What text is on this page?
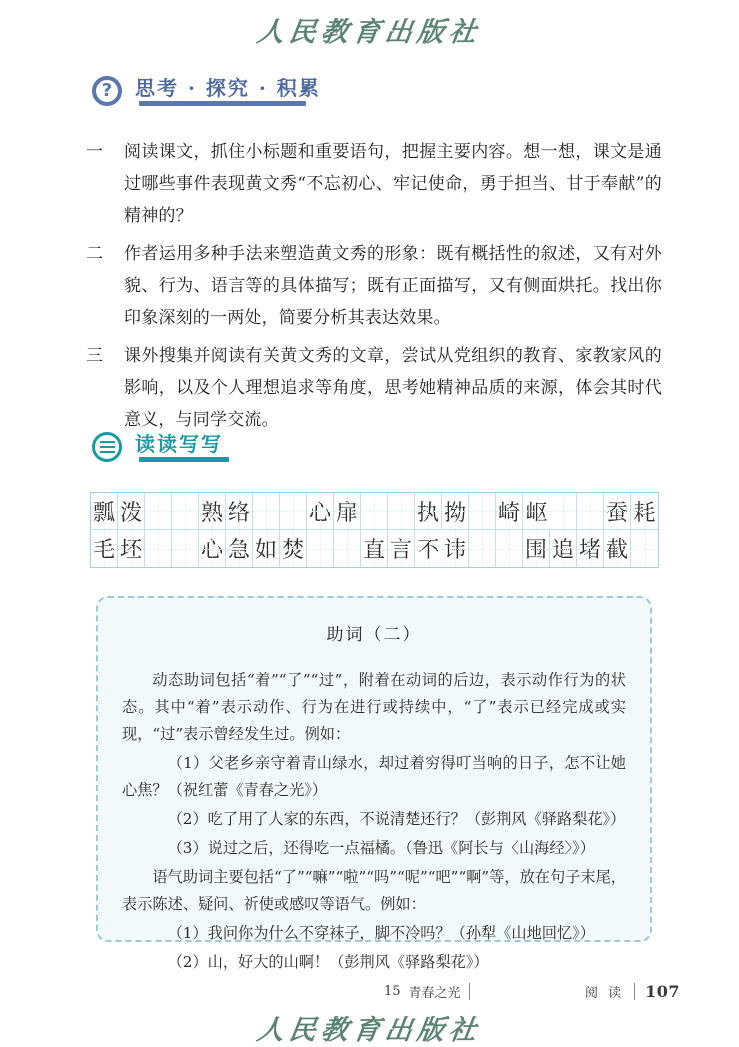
人民教育出版社
?	思考 · 探究 · 积累
一	阅读课文，抓住小标题和重要语句，把握主要内容。想一想，课文是通过哪些事件表现黄文秀“不忘初心、牢记使命，勇于担当、甘于奉献”的精神的？
二	作者运用多种手法来塑造黄文秀的形象：既有概括性的叙述，又有对外貌、行为、语言等的具体描写；既有正面描写，又有侧面烘托。找出你印象深刻的一两处，简要分析其表达效果。
三	课外搜集并阅读有关黄文秀的文章，尝试从党组织的教育、家教家风的影响，以及个人理想追求等角度，思考她精神品质的来源，体会其时代意义，与同学交流。
读读写写
瓢 泼	熟 络	心 扉	执 拗 崎 岖	蚕 耗
毛 坯	心 急 如 焚	直 言 不 讳	围 追 堵 截
助词（二）

动态助词包括“着”“了”“过”，附着在动词的后边，表示动作行为的状态。其中“着”表示动作、行为在进行或持续中，“了”表示已经完成或实现，“过”表示曾经发生过。例如：

（1）父老乡亲守着青山绿水，却过着穷得叮当响的日子，怎不让她心焦？（祝红蕾《青春之光》）

（2）吃了用了人家的东西，不说清楚还行？（彭荆风《驿路梨花》）

（3）说过之后，还得吃一点福橘。（鲁迅《阿长与〈山海经〉》）

语气助词主要包括“了”“嘛”“啦”“吗”“呢”“吧”“啊”等，放在句子末尾，表示陈述、疑问、祈使或感叹等语气。例如：

（1）我问你为什么不穿袜子，脚不冷吗？（孙犁《山地回忆》）

（2）山，好大的山啊！（彭荆风《驿路梨花》）

15 青春之光	阅 读 107
人民教育出版社
